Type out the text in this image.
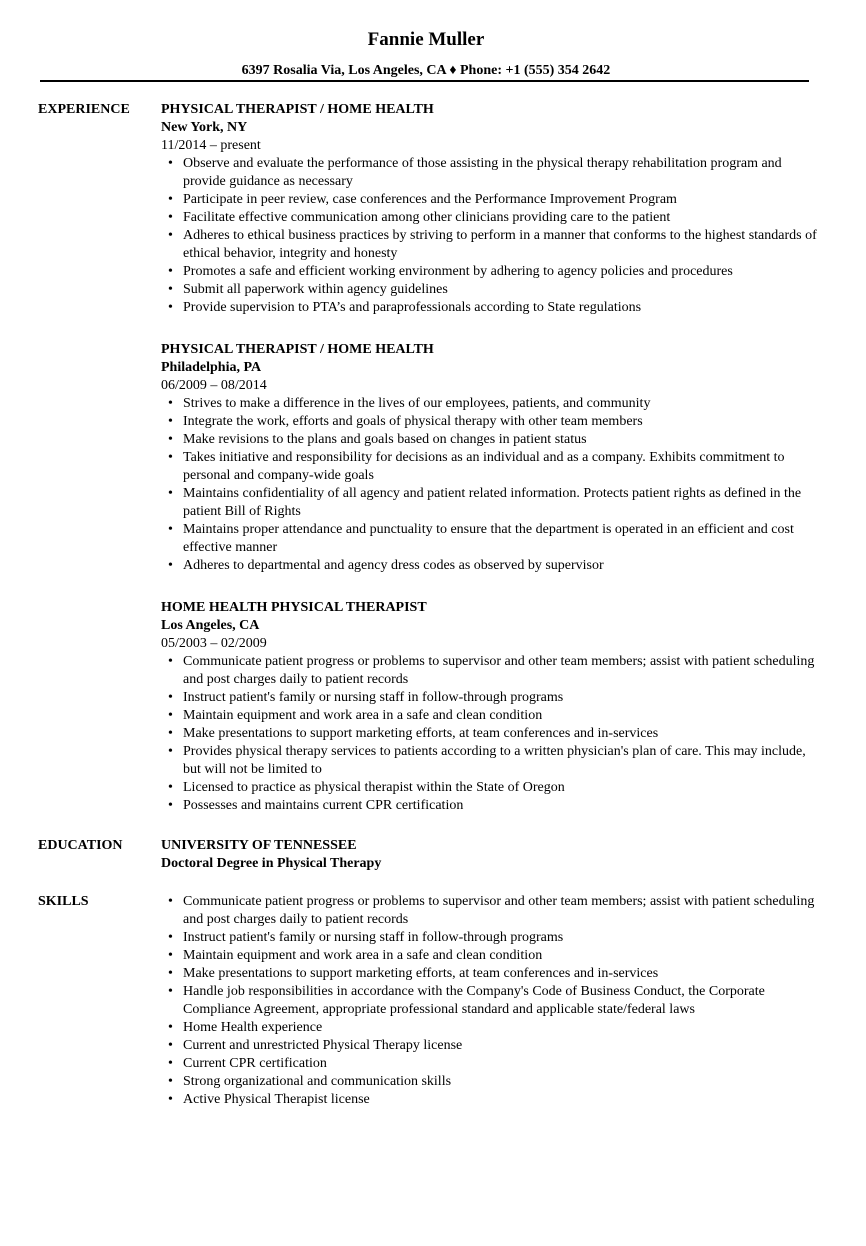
Fannie Muller
6397 Rosalia Via, Los Angeles, CA ♦ Phone: +1 (555) 354 2642
EXPERIENCE PHYSICAL THERAPIST / HOME HEALTH
New York, NY
11/2014 – present
• Observe and evaluate the performance of those assisting in the physical therapy rehabilitation program and provide guidance as necessary
• Participate in peer review, case conferences and the Performance Improvement Program
• Facilitate effective communication among other clinicians providing care to the patient
• Adheres to ethical business practices by striving to perform in a manner that conforms to the highest standards of ethical behavior, integrity and honesty
• Promotes a safe and efficient working environment by adhering to agency policies and procedures
• Submit all paperwork within agency guidelines
• Provide supervision to PTA’s and paraprofessionals according to State regulations
PHYSICAL THERAPIST / HOME HEALTH
Philadelphia, PA
06/2009 – 08/2014
• Strives to make a difference in the lives of our employees, patients, and community
• Integrate the work, efforts and goals of physical therapy with other team members
• Make revisions to the plans and goals based on changes in patient status
• Takes initiative and responsibility for decisions as an individual and as a company. Exhibits commitment to personal and company-wide goals
• Maintains confidentiality of all agency and patient related information. Protects patient rights as defined in the patient Bill of Rights
• Maintains proper attendance and punctuality to ensure that the department is operated in an efficient and cost effective manner
• Adheres to departmental and agency dress codes as observed by supervisor
HOME HEALTH PHYSICAL THERAPIST
Los Angeles, CA
05/2003 – 02/2009
• Communicate patient progress or problems to supervisor and other team members; assist with patient scheduling and post charges daily to patient records
• Instruct patient's family or nursing staff in follow-through programs
• Maintain equipment and work area in a safe and clean condition
• Make presentations to support marketing efforts, at team conferences and in-services
• Provides physical therapy services to patients according to a written physician's plan of care. This may include, but will not be limited to
• Licensed to practice as physical therapist within the State of Oregon
• Possesses and maintains current CPR certification
EDUCATION	UNIVERSITY OF TENNESSEE
Doctoral Degree in Physical Therapy
SKILLS
•	Communicate patient progress or problems to supervisor and other team members; assist with patient scheduling and post charges daily to patient records
• Instruct patient's family or nursing staff in follow-through programs
• Maintain equipment and work area in a safe and clean condition
• Make presentations to support marketing efforts, at team conferences and in-services
• Handle job responsibilities in accordance with the Company's Code of Business Conduct, the Corporate Compliance Agreement, appropriate professional standard and applicable state/federal laws
• Home Health experience
• Current and unrestricted Physical Therapy license
• Current CPR certification
• Strong organizational and communication skills
• Active Physical Therapist license
